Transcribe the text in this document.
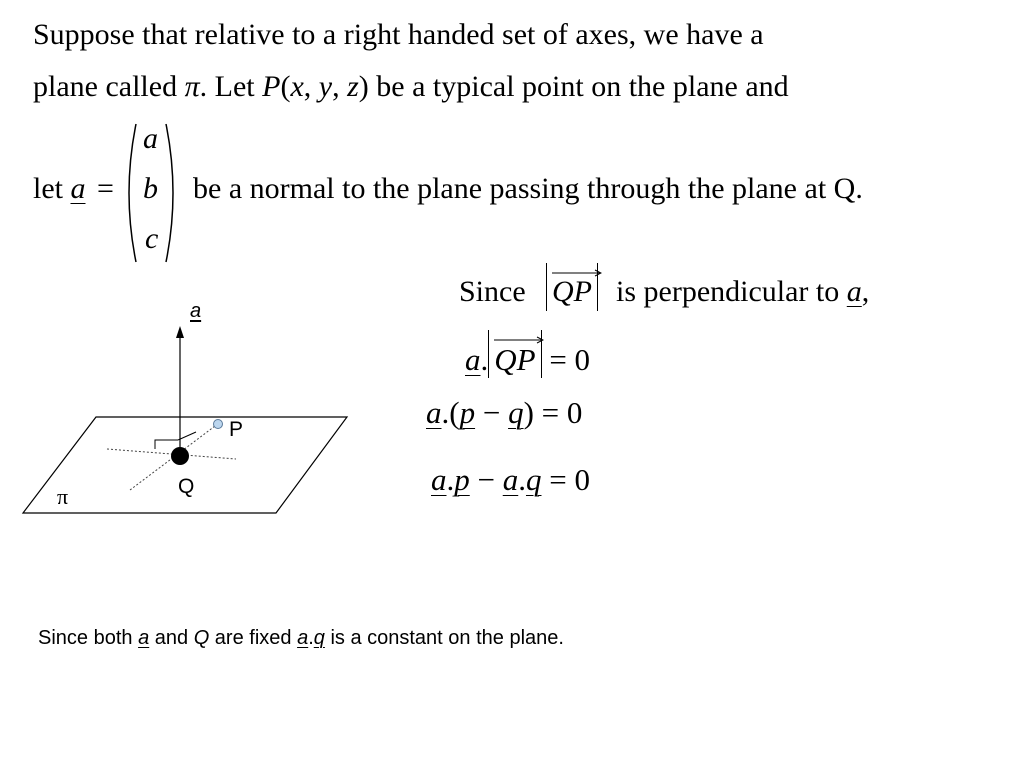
Suppose that relative to a right handed set of axes, we have a
plane called π. Let P(x, y, z) be a typical point on the plane and
let a =
a
b
c
be a normal to the plane passing through the plane at Q.
Since QP is perpendicular to a,
a. QP = 0
a.(p − q) = 0
a.p − a.q = 0
a
P
Q
π
Since both a and Q are fixed a.q is a constant on the plane.
